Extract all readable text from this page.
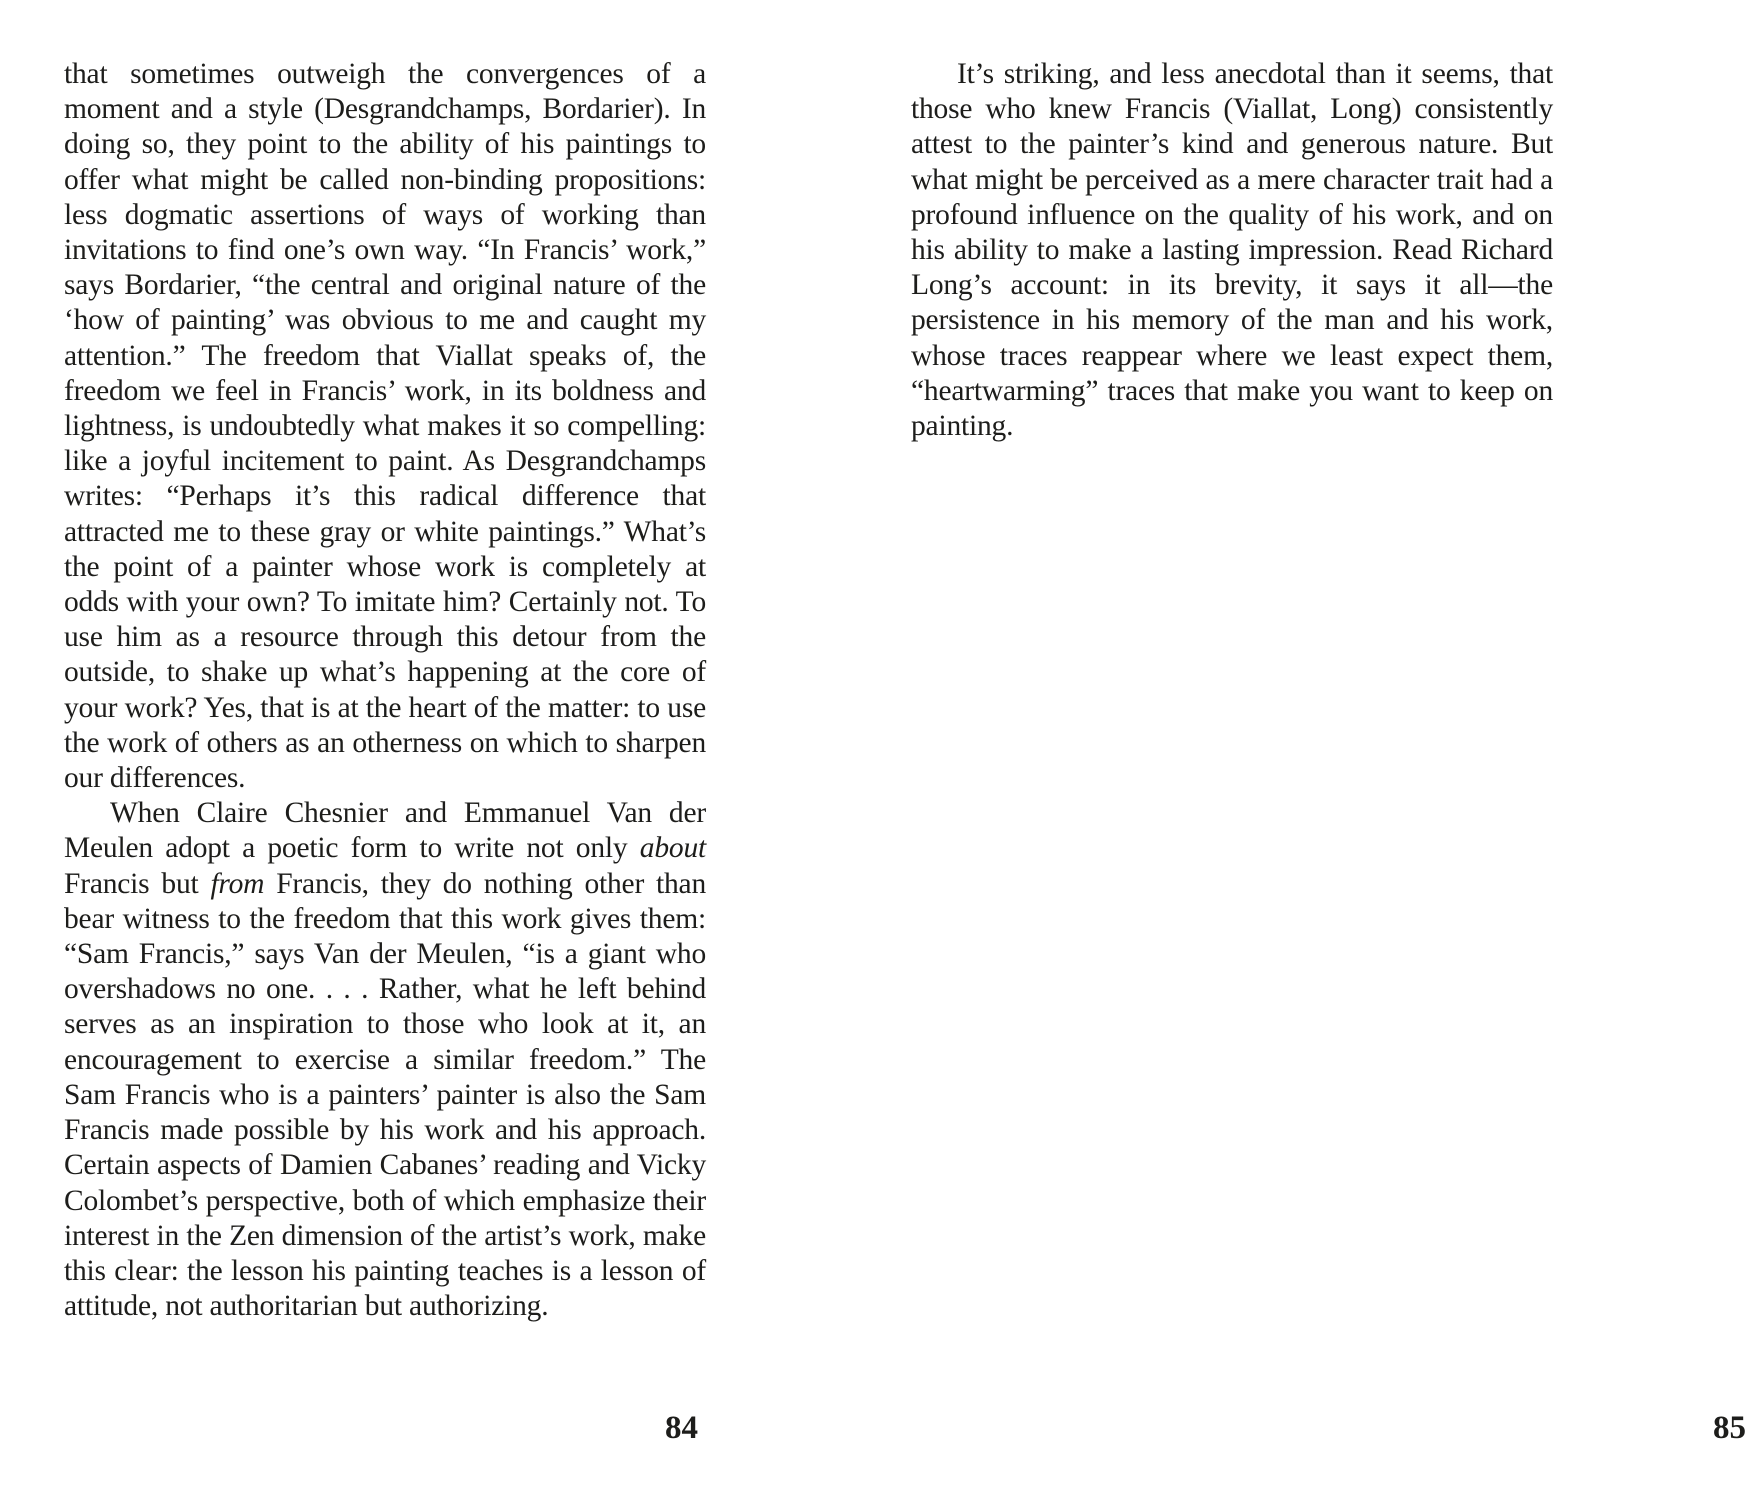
that sometimes outweigh the convergences of a moment and a style (Desgrandchamps, Bordarier). In doing so, they point to the ability of his paintings to offer what might be called non-binding propositions: less dogmatic assertions of ways of working than invitations to find one’s own way. “In Francis’ work,” says Bordarier, “the central and original nature of the ‘how of painting’ was obvious to me and caught my attention.” The freedom that Viallat speaks of, the freedom we feel in Francis’ work, in its boldness and lightness, is undoubtedly what makes it so compelling: like a joyful incitement to paint. As Desgrandchamps writes: “Perhaps it’s this radical difference that attracted me to these gray or white paintings.” What’s the point of a painter whose work is completely at odds with your own? To imitate him? Certainly not. To use him as a resource through this detour from the outside, to shake up what’s happening at the core of your work? Yes, that is at the heart of the matter: to use the work of others as an otherness on which to sharpen our differences.

When Claire Chesnier and Emmanuel Van der Meulen adopt a poetic form to write not only about Francis but from Francis, they do nothing other than bear witness to the freedom that this work gives them: “Sam Francis,” says Van der Meulen, “is a giant who overshadows no one. . . . Rather, what he left behind serves as an inspiration to those who look at it, an encouragement to exercise a similar freedom.” The Sam Francis who is a painters’ painter is also the Sam Francis made possible by his work and his approach. Certain aspects of Damien Cabanes’ reading and Vicky Colombet’s perspective, both of which emphasize their interest in the Zen dimension of the artist’s work, make this clear: the lesson his painting teaches is a lesson of attitude, not authoritarian but authorizing.

84

It’s striking, and less anecdotal than it seems, that those who knew Francis (Viallat, Long) consistently attest to the painter’s kind and generous nature. But what might be perceived as a mere character trait had a profound influence on the quality of his work, and on his ability to make a lasting impression. Read Richard Long’s account: in its brevity, it says it all—the persistence in his memory of the man and his work, whose traces reappear where we least expect them, “heartwarming” traces that make you want to keep on painting.

85
